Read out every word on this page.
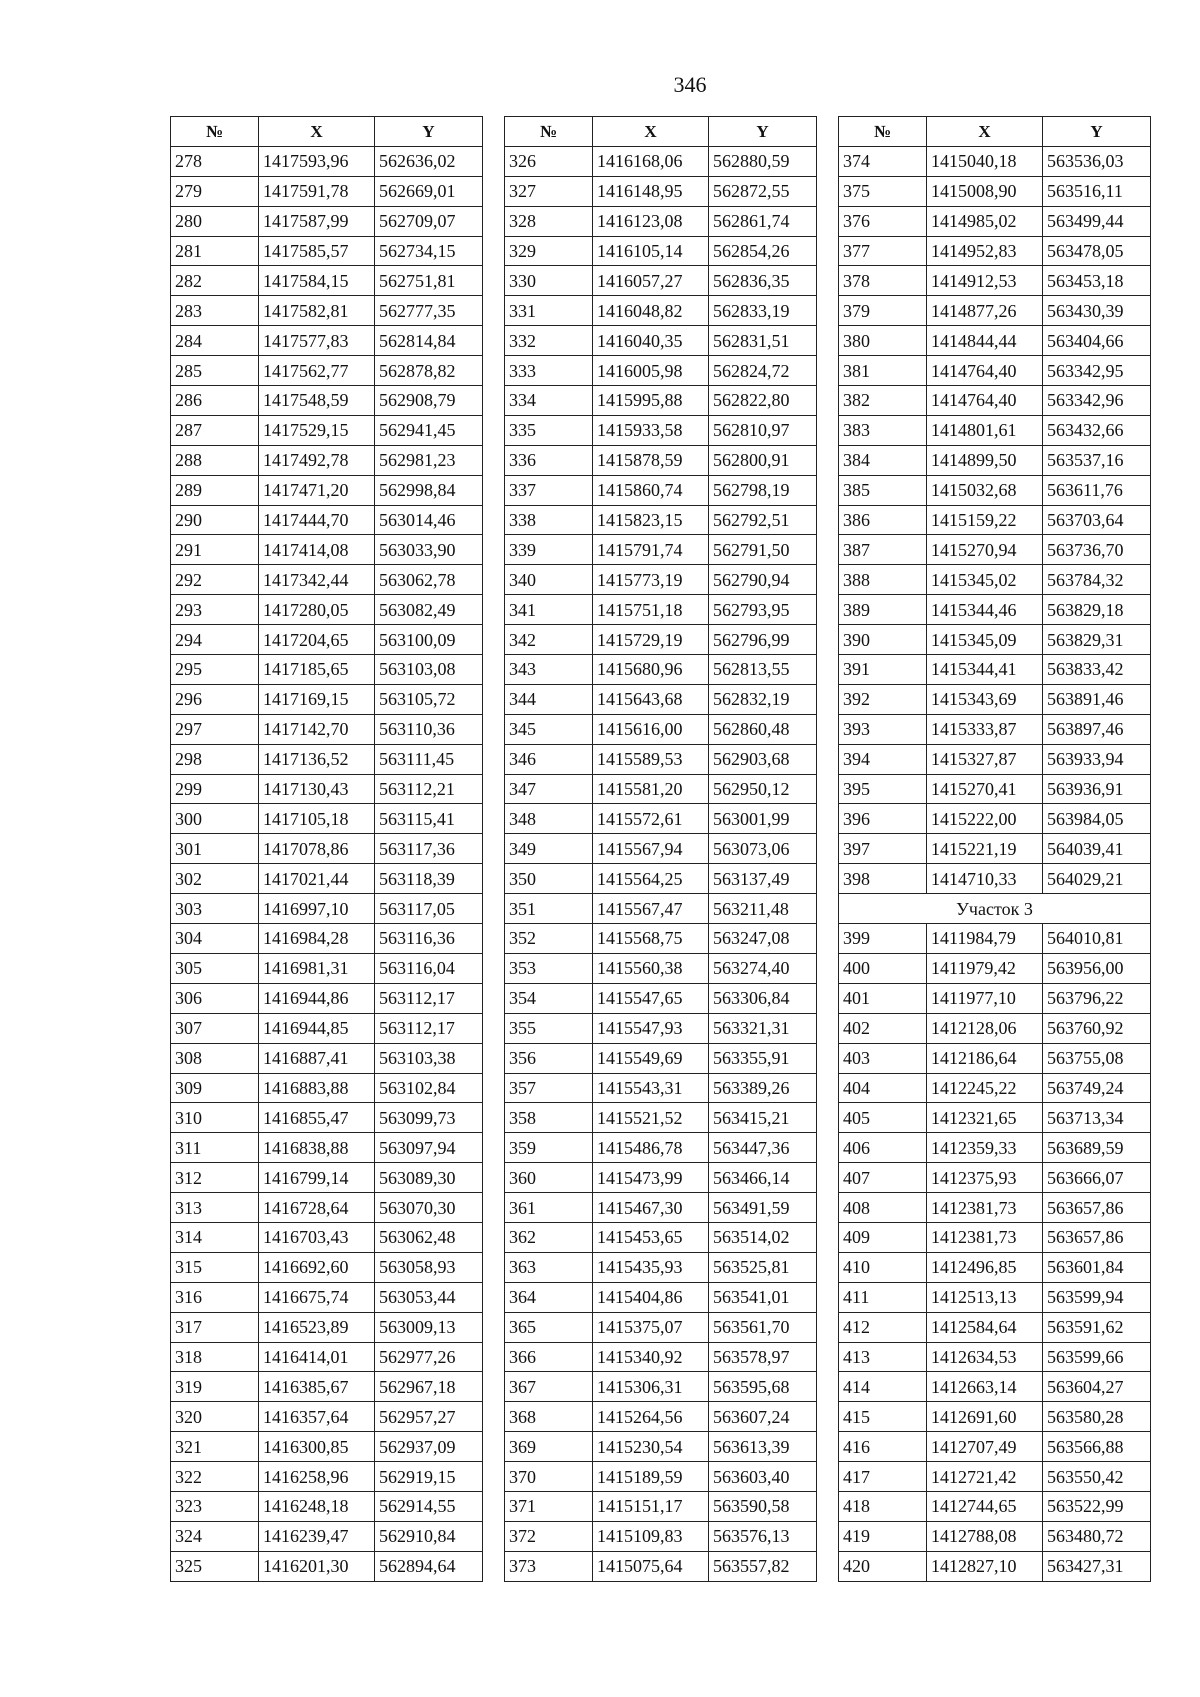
346
№	X	Y
278	1417593,96	562636,02
279	1417591,78	562669,01
280	1417587,99	562709,07
281	1417585,57	562734,15
282	1417584,15	562751,81
283	1417582,81	562777,35
284	1417577,83	562814,84
285	1417562,77	562878,82
286	1417548,59	562908,79
287	1417529,15	562941,45
288	1417492,78	562981,23
289	1417471,20	562998,84
290	1417444,70	563014,46
291	1417414,08	563033,90
292	1417342,44	563062,78
293	1417280,05	563082,49
294	1417204,65	563100,09
295	1417185,65	563103,08
296	1417169,15	563105,72
297	1417142,70	563110,36
298	1417136,52	563111,45
299	1417130,43	563112,21
300	1417105,18	563115,41
301	1417078,86	563117,36
302	1417021,44	563118,39
303	1416997,10	563117,05
304	1416984,28	563116,36
305	1416981,31	563116,04
306	1416944,86	563112,17
307	1416944,85	563112,17
308	1416887,41	563103,38
309	1416883,88	563102,84
310	1416855,47	563099,73
311	1416838,88	563097,94
312	1416799,14	563089,30
313	1416728,64	563070,30
314	1416703,43	563062,48
315	1416692,60	563058,93
316	1416675,74	563053,44
317	1416523,89	563009,13
318	1416414,01	562977,26
319	1416385,67	562967,18
320	1416357,64	562957,27
321	1416300,85	562937,09
322	1416258,96	562919,15
323	1416248,18	562914,55
324	1416239,47	562910,84
325	1416201,30	562894,64
№	X	Y
326	1416168,06	562880,59
327	1416148,95	562872,55
328	1416123,08	562861,74
329	1416105,14	562854,26
330	1416057,27	562836,35
331	1416048,82	562833,19
332	1416040,35	562831,51
333	1416005,98	562824,72
334	1415995,88	562822,80
335	1415933,58	562810,97
336	1415878,59	562800,91
337	1415860,74	562798,19
338	1415823,15	562792,51
339	1415791,74	562791,50
340	1415773,19	562790,94
341	1415751,18	562793,95
342	1415729,19	562796,99
343	1415680,96	562813,55
344	1415643,68	562832,19
345	1415616,00	562860,48
346	1415589,53	562903,68
347	1415581,20	562950,12
348	1415572,61	563001,99
349	1415567,94	563073,06
350	1415564,25	563137,49
351	1415567,47	563211,48
352	1415568,75	563247,08
353	1415560,38	563274,40
354	1415547,65	563306,84
355	1415547,93	563321,31
356	1415549,69	563355,91
357	1415543,31	563389,26
358	1415521,52	563415,21
359	1415486,78	563447,36
360	1415473,99	563466,14
361	1415467,30	563491,59
362	1415453,65	563514,02
363	1415435,93	563525,81
364	1415404,86	563541,01
365	1415375,07	563561,70
366	1415340,92	563578,97
367	1415306,31	563595,68
368	1415264,56	563607,24
369	1415230,54	563613,39
370	1415189,59	563603,40
371	1415151,17	563590,58
372	1415109,83	563576,13
373	1415075,64	563557,82
№	X	Y
374	1415040,18	563536,03
375	1415008,90	563516,11
376	1414985,02	563499,44
377	1414952,83	563478,05
378	1414912,53	563453,18
379	1414877,26	563430,39
380	1414844,44	563404,66
381	1414764,40	563342,95
382	1414764,40	563342,96
383	1414801,61	563432,66
384	1414899,50	563537,16
385	1415032,68	563611,76
386	1415159,22	563703,64
387	1415270,94	563736,70
388	1415345,02	563784,32
389	1415344,46	563829,18
390	1415345,09	563829,31
391	1415344,41	563833,42
392	1415343,69	563891,46
393	1415333,87	563897,46
394	1415327,87	563933,94
395	1415270,41	563936,91
396	1415222,00	563984,05
397	1415221,19	564039,41
398	1414710,33	564029,21
Участок 3		
399	1411984,79	564010,81
400	1411979,42	563956,00
401	1411977,10	563796,22
402	1412128,06	563760,92
403	1412186,64	563755,08
404	1412245,22	563749,24
405	1412321,65	563713,34
406	1412359,33	563689,59
407	1412375,93	563666,07
408	1412381,73	563657,86
409	1412381,73	563657,86
410	1412496,85	563601,84
411	1412513,13	563599,94
412	1412584,64	563591,62
413	1412634,53	563599,66
414	1412663,14	563604,27
415	1412691,60	563580,28
416	1412707,49	563566,88
417	1412721,42	563550,42
418	1412744,65	563522,99
419	1412788,08	563480,72
420	1412827,10	563427,31
